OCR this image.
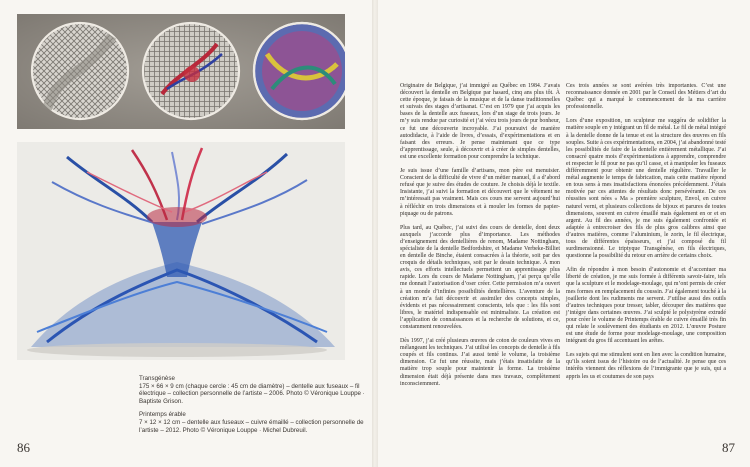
Transgénèse
175 × 66 × 9 cm (chaque cercle : 45 cm de diamètre) – dentelle aux fuseaux – fil électrique – collection personnelle de l’artiste – 2006. Photo © Véronique Louppe · Baptiste Grison.
Printemps érable
7 × 12 × 12 cm – dentelle aux fuseaux – cuivre émaillé – collection personnelle de l’artiste – 2012. Photo © Véronique Louppe · Michel Dubreuil.
86	87

Originaire de Belgique, j’ai immigré au Québec en 1984. J’avais découvert la dentelle en Belgique par hasard, cinq ans plus tôt. À cette époque, je faisais de la musique et de la danse traditionnelles et suivais des stages d’artisanat. C’est en 1979 que j’ai acquis les bases de la dentelle aux fuseaux, lors d’un stage de trois jours. Je m’y suis rendue par curiosité et j’ai vécu trois jours de pur bonheur, ce fut une découverte incroyable. J’ai poursuivi de manière autodidacte, à l’aide de livres, d’essais, d’expérimentations et en faisant des erreurs. Je pense maintenant que ce type d’apprentissage, seule, à découvrir et à créer de simples dentelles, est une excellente formation pour comprendre la technique.

Je suis issue d’une famille d’artisans, mon père est menuisier. Conscient de la difficulté de vivre d’un métier manuel, il a d’abord refusé que je suive des études de couture. Je choisis déjà le textile. Insistante, j’ai suivi la formation et découvert que le vêtement ne m’intéressait pas vraiment. Mais ces cours me servent aujourd’hui à réfléchir en trois dimensions et à mouler les formes de papier-piquage ou de patrons.

Plus tard, au Québec, j’ai suivi des cours de dentelle, dont deux auxquels j’accorde plus d’importance. Les méthodes d’enseignement des dentellières de renom, Madame Nottingham, spécialiste de la dentelle Bedfordshire, et Madame Verbeke-Billiet en dentelle de Binche, étaient consacrées à la théorie, soit par des croquis de détails techniques, soit par le dessin technique. À mon avis, ces efforts intellectuels permettent un apprentissage plus rapide. Lors du cours de Madame Nottingham, j’ai perçu qu’elle me donnait l’autorisation d’oser créer. Cette permission m’a ouvert à un monde d’infinies possibilités dentellières. L’aventure de la création m’a fait découvrir et assimiler des concepts simples, évidents et pas nécessairement conscients, tels que : les fils sont libres, le matériel indispensable est minimaliste. La création est l’application de connaissances et la recherche de solutions, et ce, constamment renouvelées.

Dès 1997, j’ai créé plusieurs œuvres de coton de couleurs vives en mélangeant les techniques. J’ai utilisé les concepts de dentelle à fils coupés et fils continus. J’ai aussi tenté le volume, la troisième dimension. Ce fut une réussite, mais j’étais insatisfaite de la matière trop souple pour maintenir la forme. La troisième dimension était déjà présente dans mes travaux, complètement inconsciemment.

Ces trois années se sont avérées très importantes. C’est une reconnaissance donnée en 2001 par le Conseil des Métiers d’art du Québec qui a marqué le commencement de la ma carrière professionnelle.

Lors d’une exposition, un sculpteur me suggéra de solidifier la matière souple en y intégrant un fil de métal. Le fil de métal intégré à la dentelle donne de la tenue et est la structure des œuvres en fils souples. Suite à ces expérimentations, en 2004, j’ai abandonné testé les possibilités de faire de la dentelle entièrement métallique. J’ai consacré quatre mois d’expérimentations à apprendre, comprendre et respecter le fil pour ne pas qu’il casse, et à manipuler les fuseaux différemment pour obtenir une dentelle régulière. Travailler le métal augmente le temps de fabrication, mais cette matière répond en tous sens à mes insatisfactions énoncées précédemment. J’étais motivée par ces attentes de résultats donc persévérante. De ces réussites sont nées « Ma » première sculpture, Envol, en cuivre naturel verni, et plusieurs collections de bijoux et parures de toutes dimensions, souvent en cuivre émaillé mais également en or et en argent. Au fil des années, je me suis également confrontée et adaptée à entrecroiser des fils de plus gros calibres ainsi que d’autres matières, comme l’aluminium, le zorin, le fil électrique, tous de différentes épaisseurs, et j’ai composé du fil surdimensionné. Le triptyque Transgénèse, en fils électriques, questionne la possibilité du retour en arrière de certains choix.

Afin de répondre à mon besoin d’autonomie et d’accentuer ma liberté de création, je me suis formée à différents savoir-faire, tels que la sculpture et le modelage-moulage, qui m’ont permis de créer mes formes en remplacement du coussin. J’ai également touché à la joaillerie dont les rudiments me servent. J’utilise aussi des outils d’autres techniques pour tresser, tabler, découper des matières que j’intègre dans certaines œuvres. J’ai sculpté le polystyrène extrudé pour créer le volume de Printemps érable de cuivre émaillé très fin qui relate le soulèvement des étudiants en 2012. L’œuvre Posture est une étude de forme pour modelage-moulage, une composition intégrant du gros fil accentuant les arêtes.

Les sujets qui me stimulent sont en lien avec la condition humaine, qu’ils soient issus de l’histoire ou de l’actualité. Je pense que ces intérêts viennent des réflexions de l’immigrante que je suis, qui a appris les us et coutumes de son pays
